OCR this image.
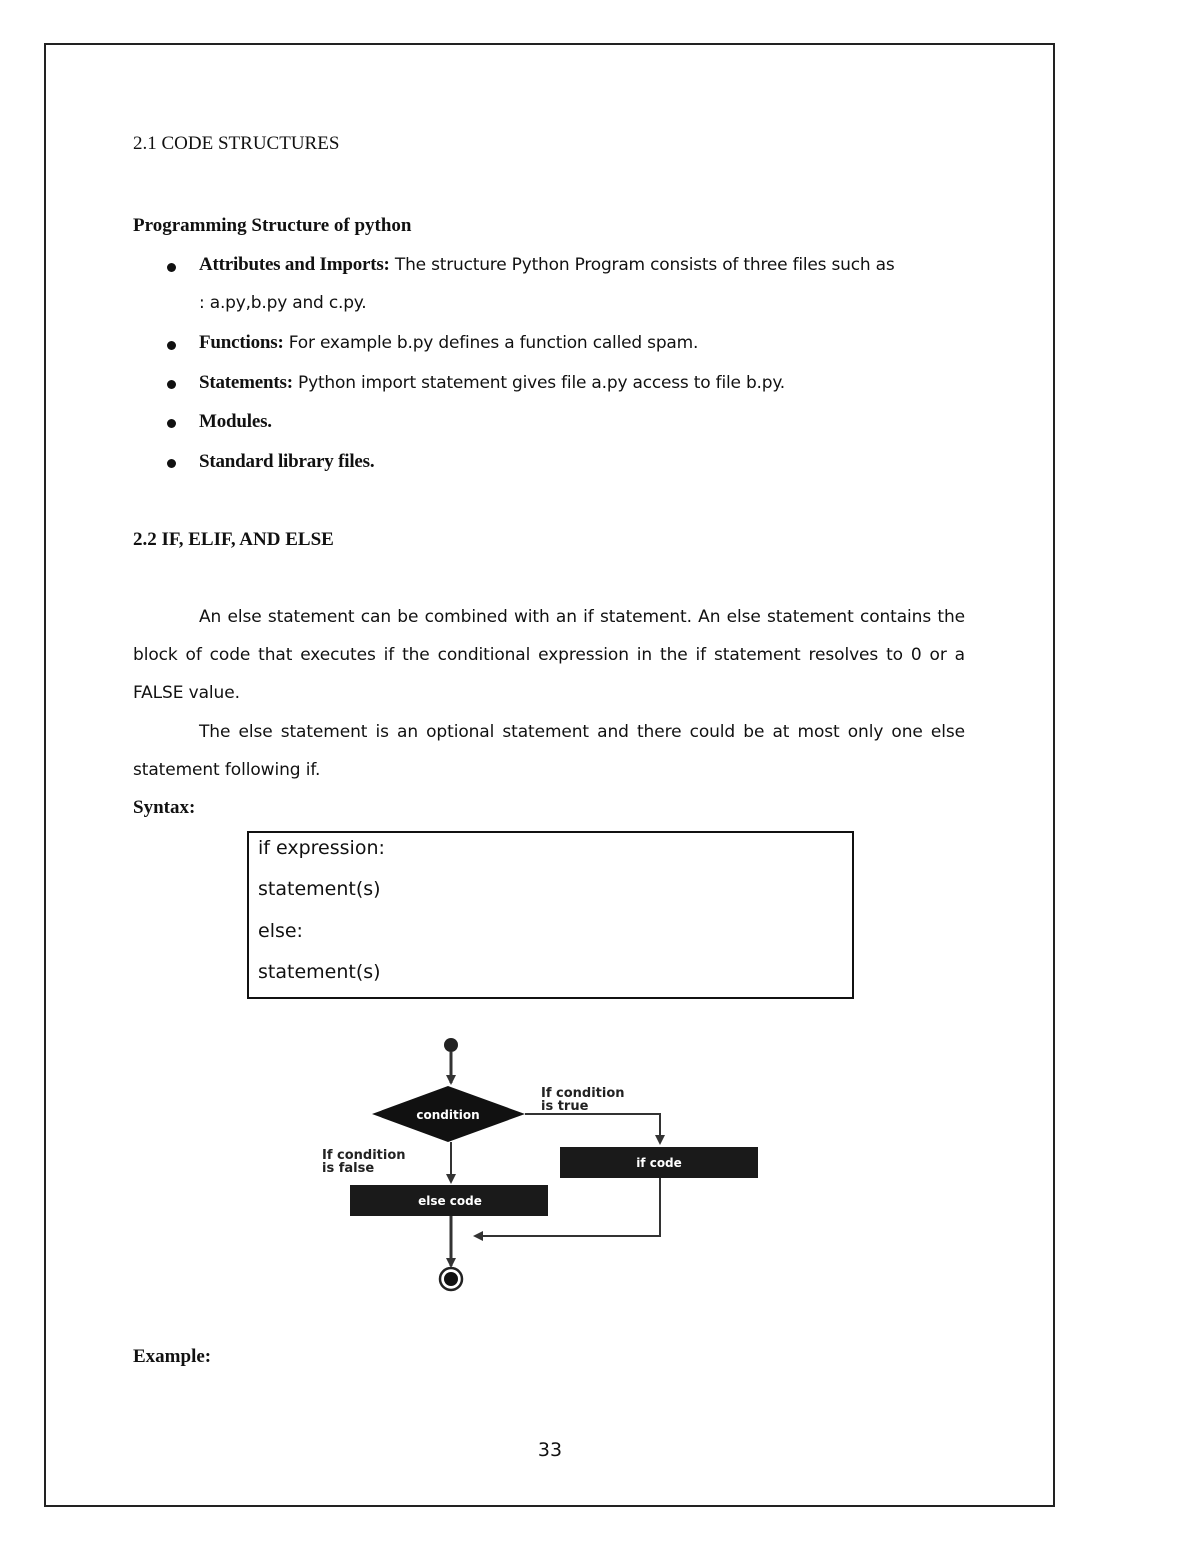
2.1 CODE STRUCTURES
Programming Structure of python
Attributes and Imports: The structure Python Program consists of three files such as
: a.py,b.py and c.py.
Functions: For example b.py defines a function called spam.
Statements: Python import statement gives file a.py access to file b.py.
Modules.
Standard library files.
2.2 IF, ELIF, AND ELSE
An else statement can be combined with an if statement. An else statement contains the block of code that executes if the conditional expression in the if statement resolves to 0 or a FALSE value.
The else statement is an optional statement and there could be at most only one else statement following if.
Syntax:
if expression:
statement(s)
else:
statement(s)
condition
If condition
is true
if code
If condition
is false
else code
Example:
33
